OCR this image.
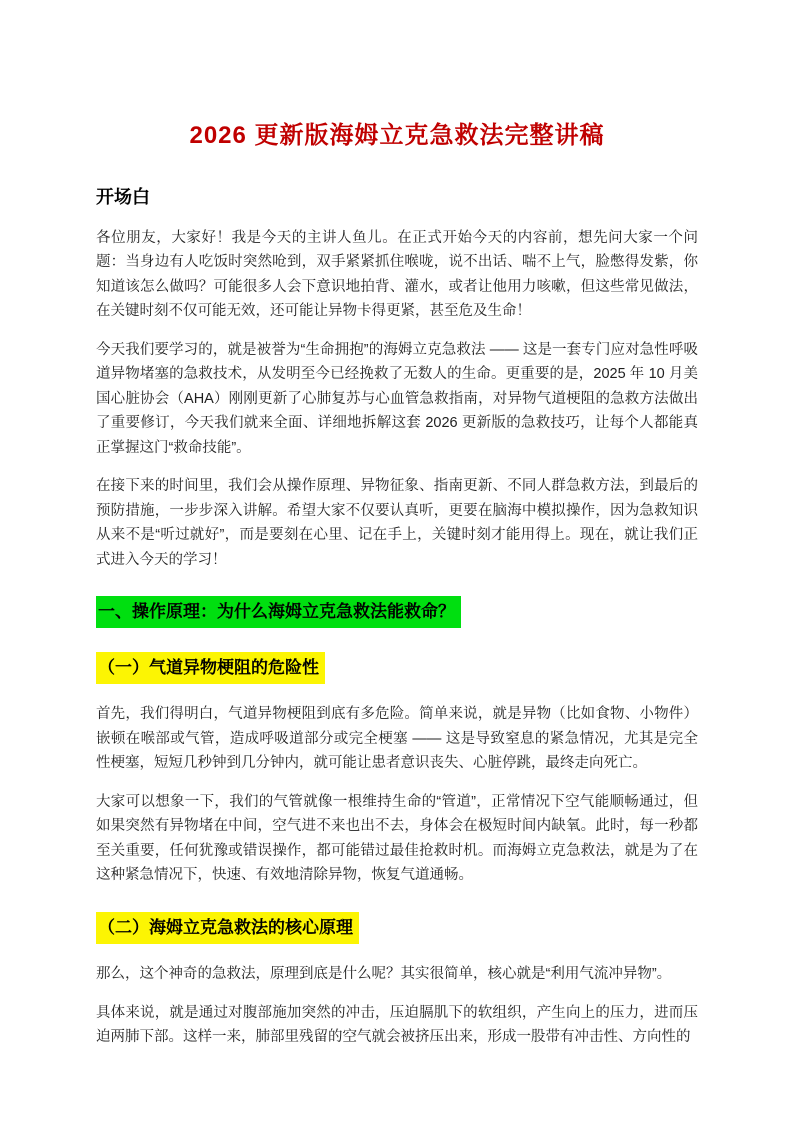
2026 更新版海姆立克急救法完整讲稿
开场白

各位朋友，大家好！我是今天的主讲人鱼儿。在正式开始今天的内容前，想先问大家一个问题：当身边有人吃饭时突然呛到，双手紧紧抓住喉咙，说不出话、喘不上气，脸憋得发紫，你知道该怎么做吗？可能很多人会下意识地拍背、灌水，或者让他用力咳嗽，但这些常见做法，在关键时刻不仅可能无效，还可能让异物卡得更紧，甚至危及生命！

今天我们要学习的，就是被誉为“生命拥抱”的海姆立克急救法 —— 这是一套专门应对急性呼吸道异物堵塞的急救技术，从发明至今已经挽救了无数人的生命。更重要的是，2025 年 10 月美国心脏协会（AHA）刚刚更新了心肺复苏与心血管急救指南，对异物气道梗阻的急救方法做出了重要修订，今天我们就来全面、详细地拆解这套 2026 更新版的急救技巧，让每个人都能真正掌握这门“救命技能”。

在接下来的时间里，我们会从操作原理、异物征象、指南更新、不同人群急救方法，到最后的预防措施，一步步深入讲解。希望大家不仅要认真听，更要在脑海中模拟操作，因为急救知识从来不是“听过就好”，而是要刻在心里、记在手上，关键时刻才能用得上。现在，就让我们正式进入今天的学习！

一、操作原理：为什么海姆立克急救法能救命？
（一）气道异物梗阻的危险性

首先，我们得明白，气道异物梗阻到底有多危险。简单来说，就是异物（比如食物、小物件）嵌顿在喉部或气管，造成呼吸道部分或完全梗塞 —— 这是导致窒息的紧急情况，尤其是完全性梗塞，短短几秒钟到几分钟内，就可能让患者意识丧失、心脏停跳，最终走向死亡。

大家可以想象一下，我们的气管就像一根维持生命的“管道”，正常情况下空气能顺畅通过，但如果突然有异物堵在中间，空气进不来也出不去，身体会在极短时间内缺氧。此时，每一秒都至关重要，任何犹豫或错误操作，都可能错过最佳抢救时机。而海姆立克急救法，就是为了在这种紧急情况下，快速、有效地清除异物，恢复气道通畅。

（二）海姆立克急救法的核心原理

那么，这个神奇的急救法，原理到底是什么呢？其实很简单，核心就是“利用气流冲异物”。

具体来说，就是通过对腹部施加突然的冲击，压迫膈肌下的软组织，产生向上的压力，进而压迫两肺下部。这样一来，肺部里残留的空气就会被挤压出来，形成一股带有冲击性、方向性的
